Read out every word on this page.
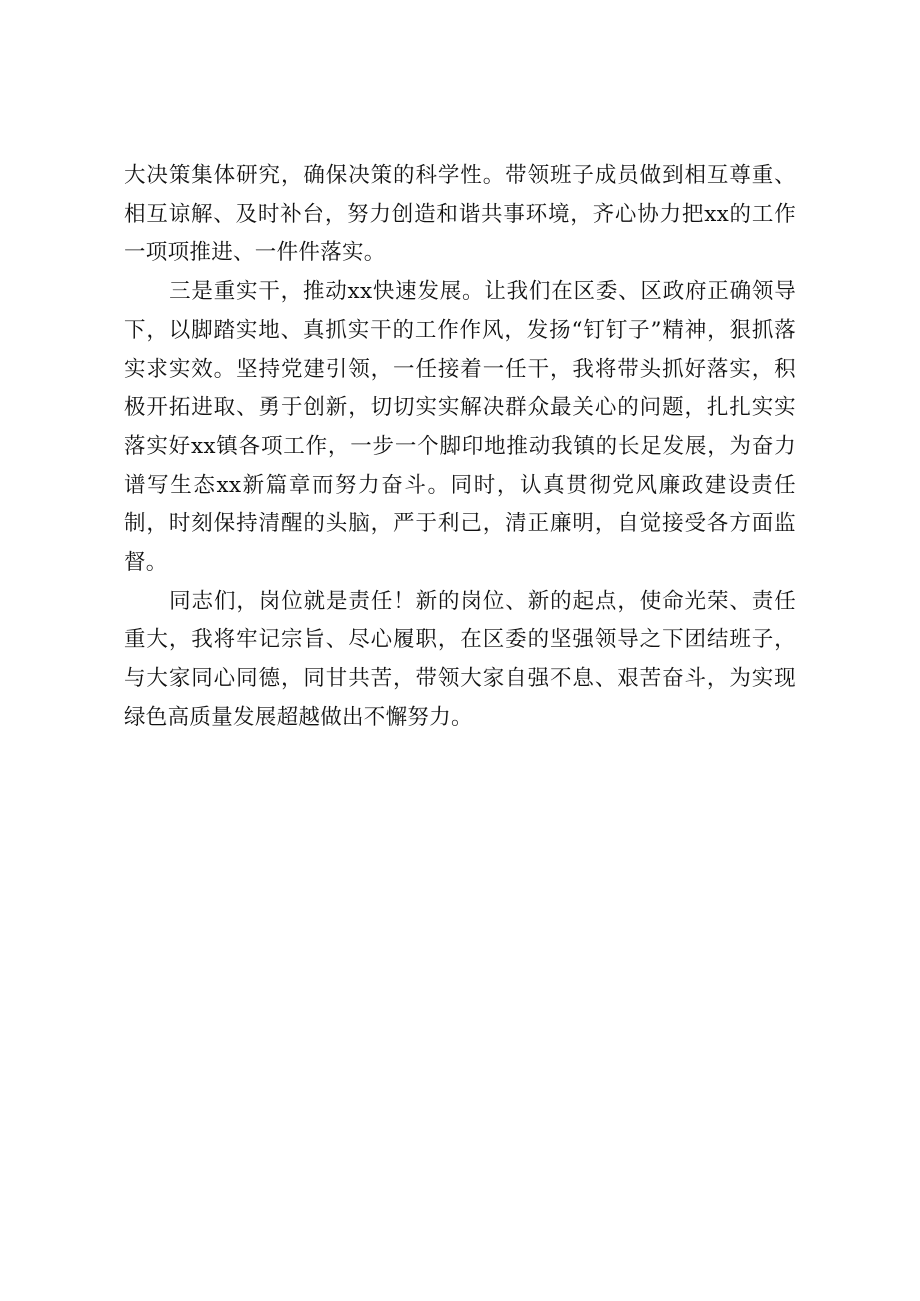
大决策集体研究，确保决策的科学性。带领班子成员做到相互尊重、相互谅解、及时补台，努力创造和谐共事环境，齐心协力把xx的工作一项项推进、一件件落实。

三是重实干，推动xx快速发展。让我们在区委、区政府正确领导下，以脚踏实地、真抓实干的工作作风，发扬“钉钉子”精神，狠抓落实求实效。坚持党建引领，一任接着一任干，我将带头抓好落实，积极开拓进取、勇于创新，切切实实解决群众最关心的问题，扎扎实实落实好xx镇各项工作，一步一个脚印地推动我镇的长足发展，为奋力谱写生态xx新篇章而努力奋斗。同时，认真贯彻党风廉政建设责任制，时刻保持清醒的头脑，严于利己，清正廉明，自觉接受各方面监督。

同志们，岗位就是责任！新的岗位、新的起点，使命光荣、责任重大，我将牢记宗旨、尽心履职，在区委的坚强领导之下团结班子，与大家同心同德，同甘共苦，带领大家自强不息、艰苦奋斗，为实现绿色高质量发展超越做出不懈努力。
